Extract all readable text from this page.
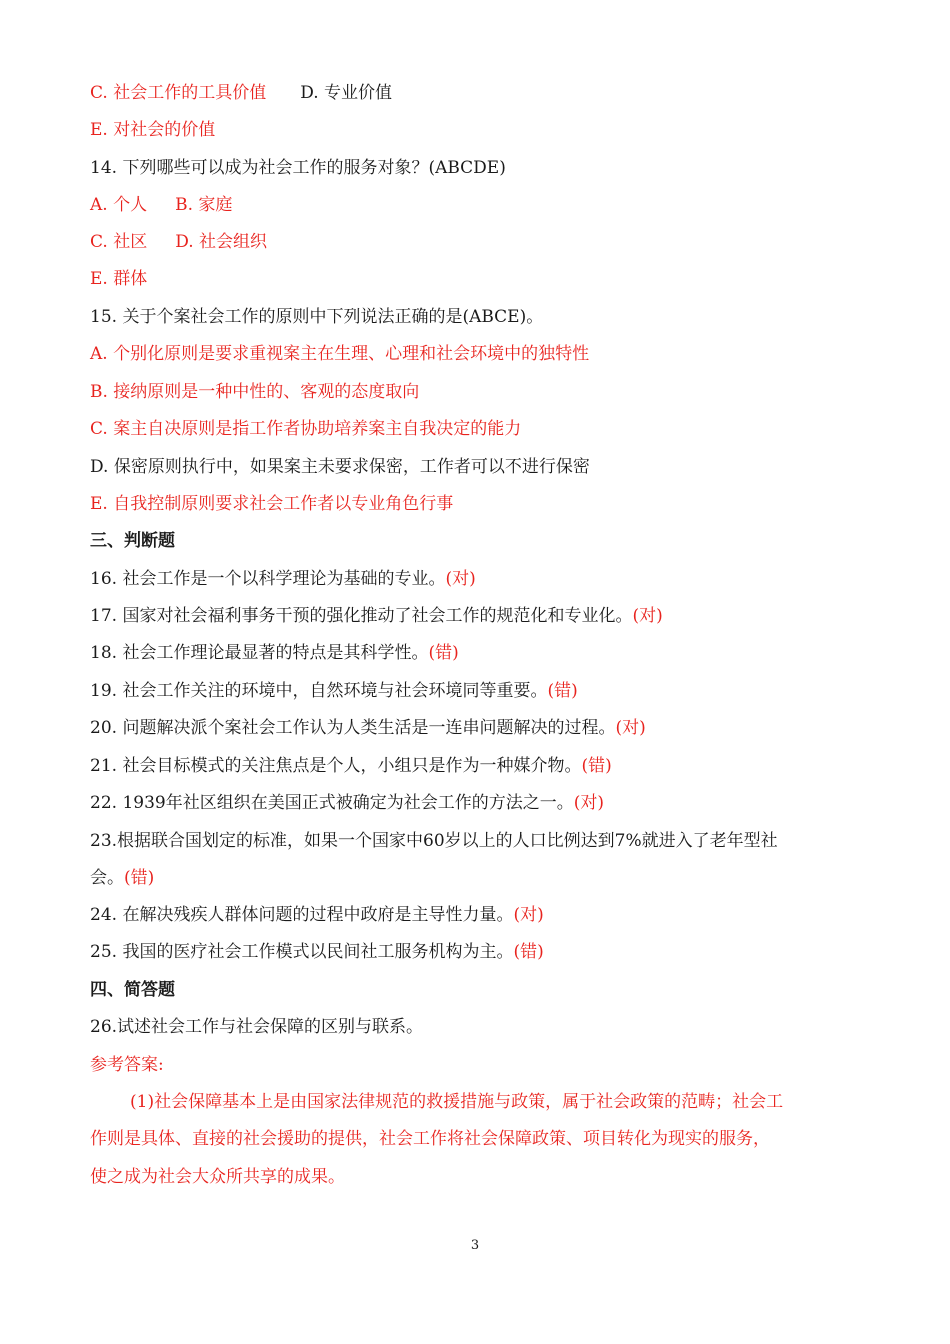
C. 社会工作的工具价值 D. 专业价值
E. 对社会的价值
14. 下列哪些可以成为社会工作的服务对象？(ABCDE)
A. 个人 B. 家庭
C. 社区 D. 社会组织
E. 群体
15. 关于个案社会工作的原则中下列说法正确的是(ABCE)。
A. 个别化原则是要求重视案主在生理、心理和社会环境中的独特性
B. 接纳原则是一种中性的、客观的态度取向
C. 案主自决原则是指工作者协助培养案主自我决定的能力
D. 保密原则执行中，如果案主未要求保密，工作者可以不进行保密
E. 自我控制原则要求社会工作者以专业角色行事
三、判断题
16. 社会工作是一个以科学理论为基础的专业。(对)
17. 国家对社会福利事务干预的强化推动了社会工作的规范化和专业化。(对)
18. 社会工作理论最显著的特点是其科学性。(错)
19. 社会工作关注的环境中，自然环境与社会环境同等重要。(错)
20. 问题解决派个案社会工作认为人类生活是一连串问题解决的过程。(对)
21. 社会目标模式的关注焦点是个人，小组只是作为一种媒介物。(错)
22. 1939年社区组织在美国正式被确定为社会工作的方法之一。(对)
23.根据联合国划定的标准，如果一个国家中60岁以上的人口比例达到7%就进入了老年型社
会。(错)
24. 在解决残疾人群体问题的过程中政府是主导性力量。(对)
25. 我国的医疗社会工作模式以民间社工服务机构为主。(错)
四、简答题
26.试述社会工作与社会保障的区别与联系。
参考答案:
(1)社会保障基本上是由国家法律规范的救援措施与政策，属于社会政策的范畴；社会工
作则是具体、直接的社会援助的提供，社会工作将社会保障政策、项目转化为现实的服务，
使之成为社会大众所共享的成果。
3
